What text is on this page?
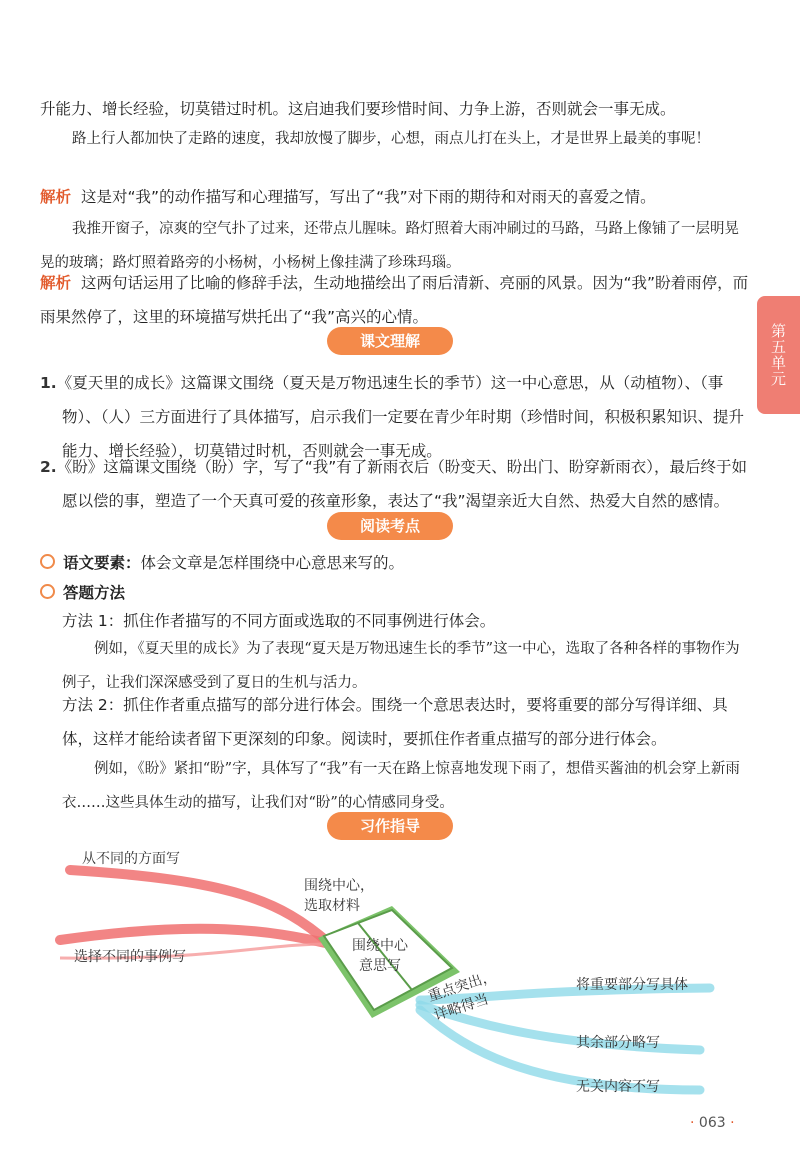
第五单元

升能力、增长经验，切莫错过时机。这启迪我们要珍惜时间、力争上游，否则就会一事无成。

路上行人都加快了走路的速度，我却放慢了脚步，心想，雨点儿打在头上，才是世界上最美的事呢！

解析 这是对“我”的动作描写和心理描写，写出了“我”对下雨的期待和对雨天的喜爱之情。

我推开窗子，凉爽的空气扑了过来，还带点儿腥味。路灯照着大雨冲刷过的马路，马路上像铺了一层明晃晃的玻璃；路灯照着路旁的小杨树，小杨树上像挂满了珍珠玛瑙。

解析 这两句话运用了比喻的修辞手法，生动地描绘出了雨后清新、亮丽的风景。因为“我”盼着雨停，而雨果然停了，这里的环境描写烘托出了“我”高兴的心情。

课文理解

1.《夏天里的成长》这篇课文围绕（夏天是万物迅速生长的季节）这一中心意思，从（动植物）、（事物）、（人）三方面进行了具体描写，启示我们一定要在青少年时期（珍惜时间，积极积累知识、提升能力、增长经验），切莫错过时机，否则就会一事无成。

2.《盼》这篇课文围绕（盼）字，写了“我”有了新雨衣后（盼变天、盼出门、盼穿新雨衣），最后终于如愿以偿的事，塑造了一个天真可爱的孩童形象，表达了“我”渴望亲近大自然、热爱大自然的感情。

阅读考点

语文要素：体会文章是怎样围绕中心意思来写的。

答题方法

方法 1：抓住作者描写的不同方面或选取的不同事例进行体会。

例如，《夏天里的成长》为了表现“夏天是万物迅速生长的季节”这一中心，选取了各种各样的事物作为例子，让我们深深感受到了夏日的生机与活力。

方法 2：抓住作者重点描写的部分进行体会。围绕一个意思表达时，要将重要的部分写得详细、具体，这样才能给读者留下更深刻的印象。阅读时，要抓住作者重点描写的部分进行体会。

例如，《盼》紧扣“盼”字，具体写了“我”有一天在路上惊喜地发现下雨了，想借买酱油的机会穿上新雨衣……这些具体生动的描写，让我们对“盼”的心情感同身受。

习作指导
围绕中心
意思写
围绕中心，
选取材料
从不同的方面写
选择不同的事例写
重点突出，
详略得当
将重要部分写具体
其余部分略写
无关内容不写
· 063 ·
